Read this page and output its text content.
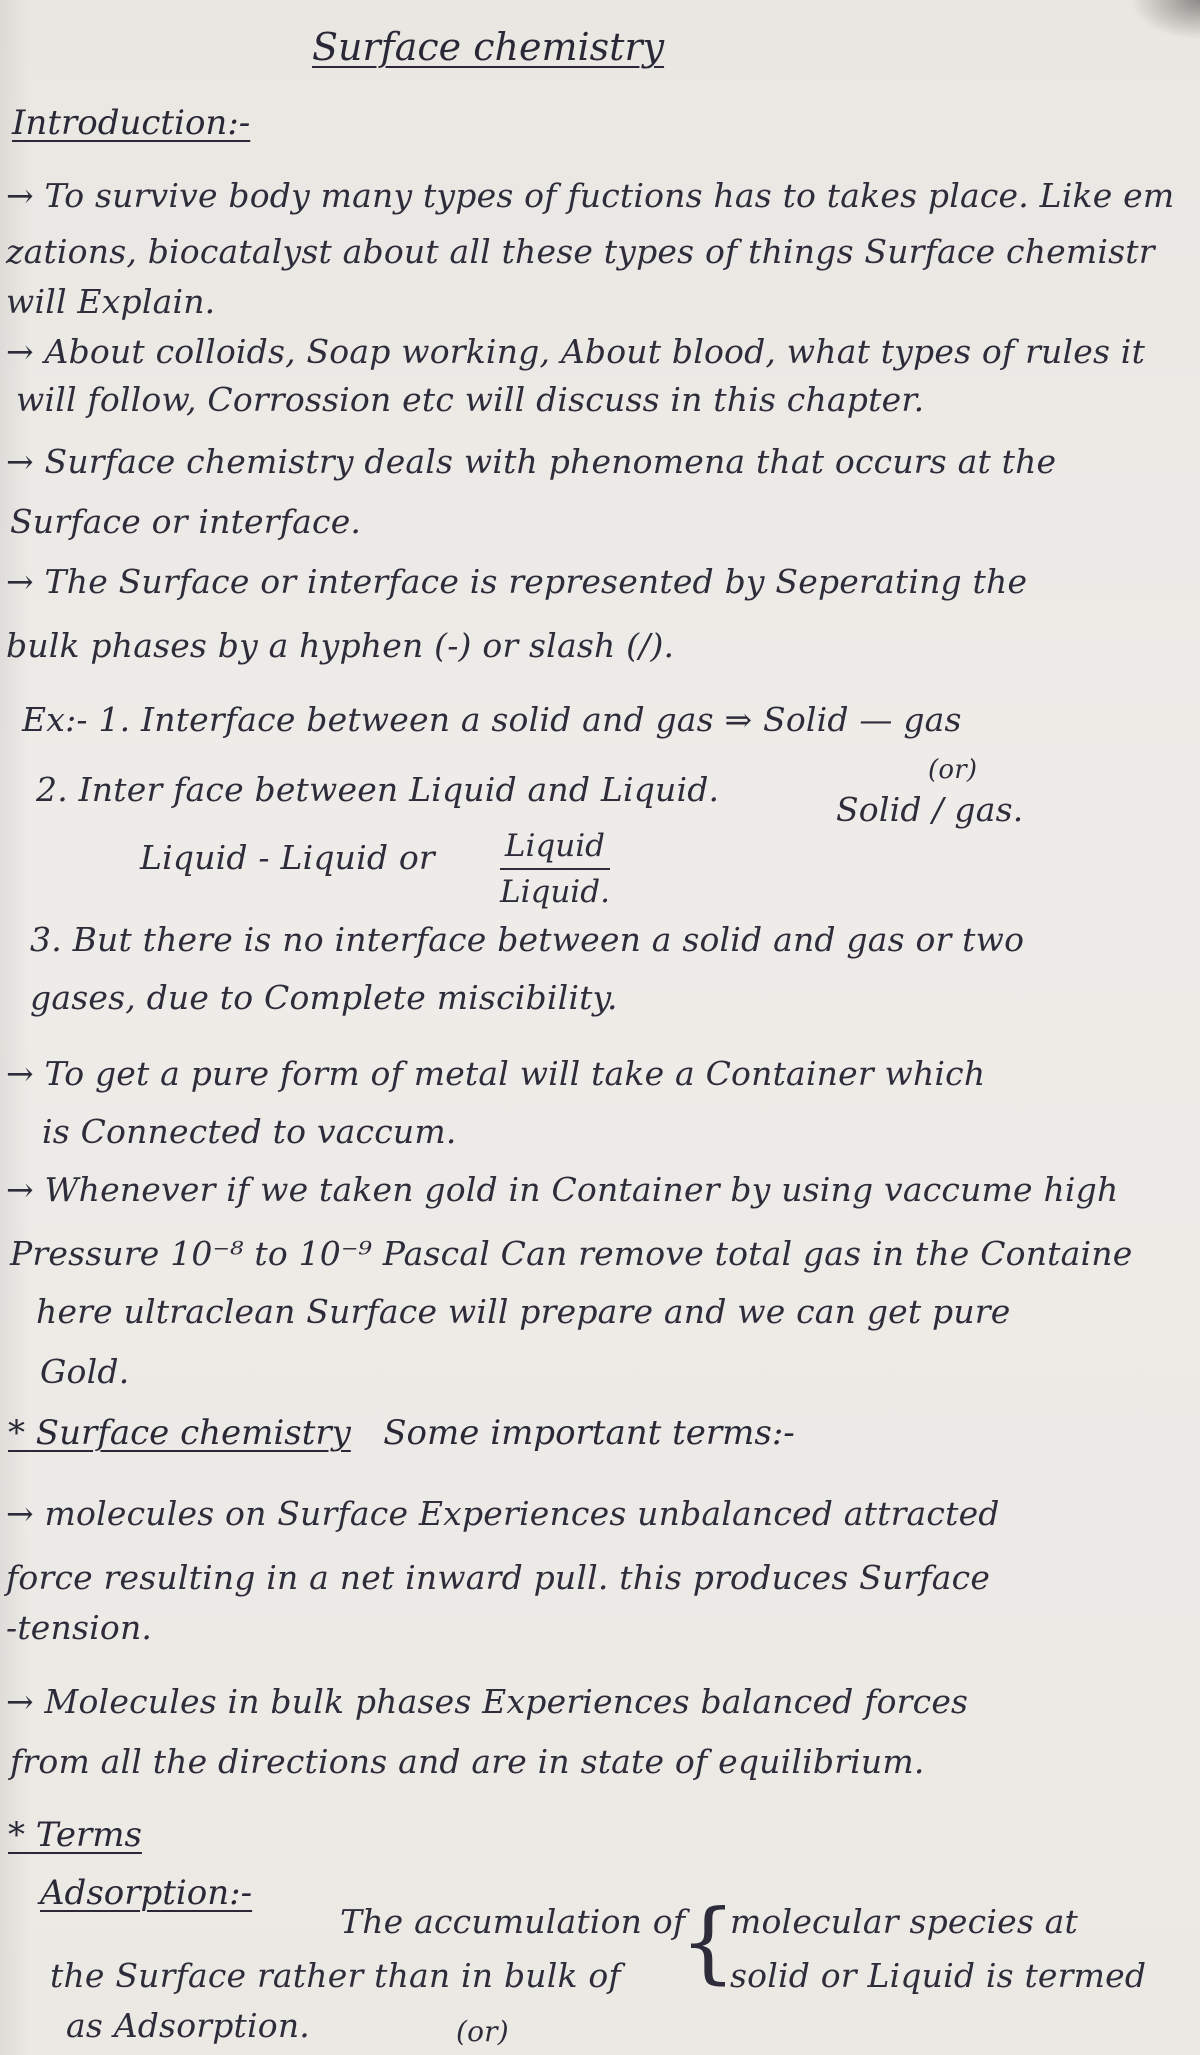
Surface chemistry
Introduction:-
→ To survive body many types of fuctions has to takes place. Like em
zations, biocatalyst about all these types of things Surface chemistr
will Explain.
→ About colloids, Soap working, About blood, what types of rules it
will follow, Corrossion etc will discuss in this chapter.
→ Surface chemistry deals with phenomena that occurs at the
Surface or interface.
→ The Surface or interface is represented by Seperating the
bulk phases by a hyphen (-) or slash (/).
Ex:- 1. Interface between a solid and gas ⇒ Solid — gas
(or)
2. Inter face between Liquid and Liquid.
Solid / gas.
Liquid - Liquid or Liquid
Liquid.
3. But there is no interface between a solid and gas or two
gases, due to Complete miscibility.
→ To get a pure form of metal will take a Container which
is Connected to vaccum.
→ Whenever if we taken gold in Container by using vaccume high
Pressure 10⁻⁸ to 10⁻⁹ Pascal Can remove total gas in the Containe
here ultraclean Surface will prepare and we can get pure
Gold.
* Surface chemistry Some important terms:-
→ molecules on Surface Experiences unbalanced attracted
force resulting in a net inward pull. this produces Surface
-tension.
→ Molecules in bulk phases Experiences balanced forces
from all the directions and are in state of equilibrium.
* Terms
Adsorption:-
The accumulation of
{
molecular species at
the Surface rather than in bulk of	solid or Liquid is termed
as Adsorption.	(or)
